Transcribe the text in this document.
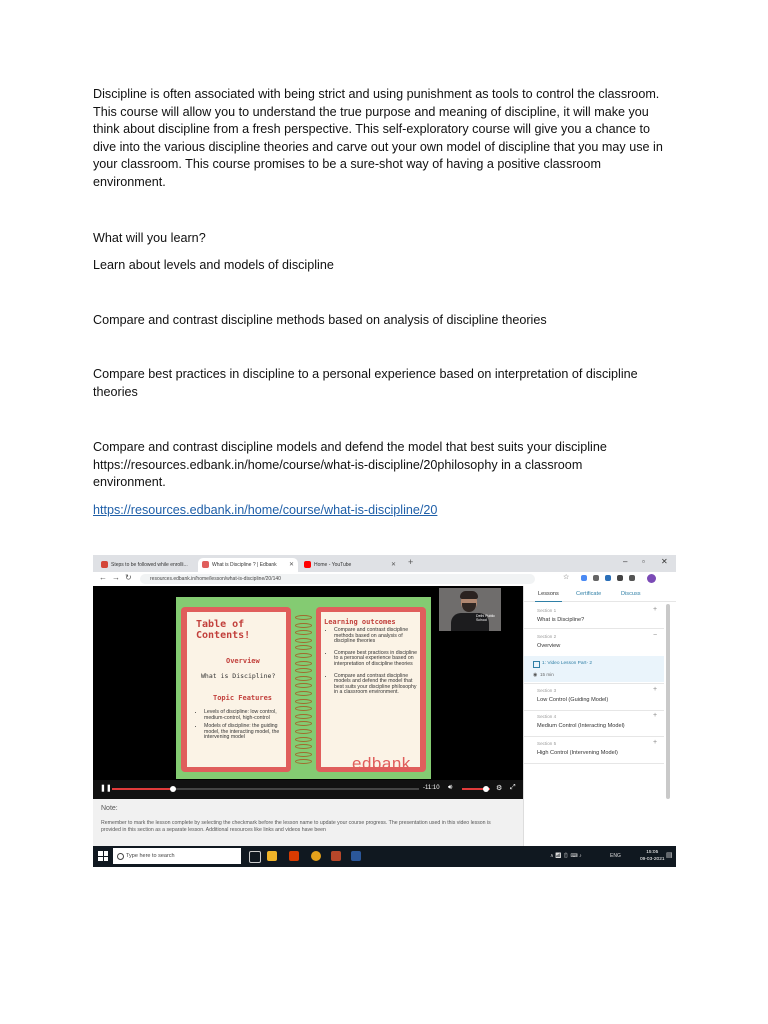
Discipline is often associated with being strict and using punishment as tools to control the classroom. This course will allow you to understand the true purpose and meaning of discipline, it will make you think about discipline from a fresh perspective. This self-exploratory course will give you a chance to dive into the various discipline theories and carve out your own model of discipline that you may use in your classroom. This course promises to be a sure-shot way of having a positive classroom environment.

What will you learn?

Learn about levels and models of discipline

Compare and contrast discipline methods based on analysis of discipline theories

Compare best practices in discipline to a personal experience based on interpretation of discipline theories

Compare and contrast discipline models and defend the model that best suits your discipline
https://resources.edbank.in/home/course/what-is-discipline/20philosophy in a classroom
environment.

https://resources.edbank.in/home/course/what-is-discipline/20

Steps to be followed while enrolli...	What is Discipline ? | Edbank ✕	Home - YouTube	✕ +	– ▫ ✕
← → ↻	resources.edbank.in/home/lesson/what-is-discipline/20/140	☆
Table of
Contents!
Overview
What is Discipline?
Topic Features
• Levels of discipline: low control, medium-control, high-control
• Models of discipline: the guiding model, the interacting model, the intervening model
Learning outcomes
• Compare and contrast discipline methods based on analysis of discipline theories
• Compare best practices in discipline to a personal experience based on interpretation of discipline theories
• Compare and contrast discipline models and defend the model that best suits your discipline philosophy in a classroom environment.
edbank
Delhi Public School
❚❚	-11:10 🔊︎	⚙ ⤢
Lessons	Certificate	Discuss
Section 1
What is Discipline?
+
Section 2
Overview
−
1: Video Lesson Part- 2
◉ 15 min
Section 3
Low Control (Guiding Model)
+
Section 4
Medium Control (Interacting Model)
+
Section 5
High Control (Intervening Model)
+
Note:
Remember to mark the lesson complete by selecting the checkmark before the lesson name to update your course progress. The presentation used in this video lesson is provided in this section as a separate lesson. Additional resources like links and videos have been
Type here to search	∧ 📶︎ 🔋︎ ⌨︎ ♪	ENG
15:05
09-03-2021
▤
